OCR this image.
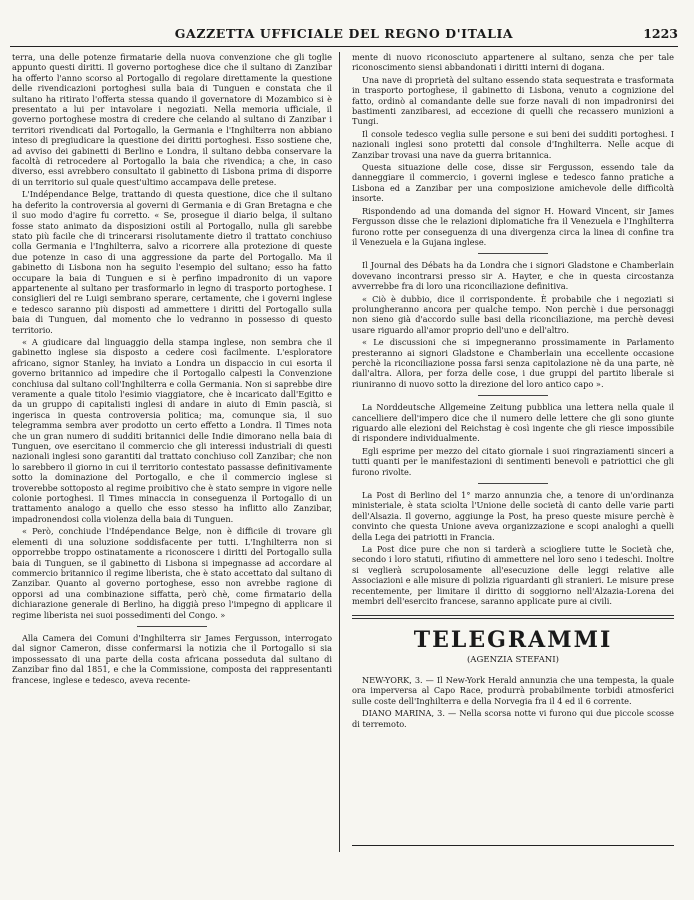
GAZZETTA UFFICIALE DEL REGNO D'ITALIA	1223

terra, una delle potenze firmatarie della nuova convenzione che gli toglie appunto questi diritti. Il governo portoghese dice che il sultano di Zanzibar ha offerto l'anno scorso al Portogallo di regolare direttamente la questione delle rivendicazioni portoghesi sulla baia di Tunguen e constata che il sultano ha ritirato l'offerta stessa quando il governatore di Mozambico si è presentato a lui per intavolare i negoziati. Nella memoria ufficiale, il governo portoghese mostra di credere che celando al sultano di Zanzibar i territori rivendicati dal Portogallo, la Germania e l'Inghilterra non abbiano inteso di pregiudicare la questione dei diritti portoghesi. Esso sostiene che, ad avviso dei gabinetti di Berlino e Londra, il sultano debba conservare la facoltà di retrocedere al Portogallo la baia che rivendica; a che, in caso diverso, essi avrebbero consultato il gabinetto di Lisbona prima di disporre di un territorio sul quale quest'ultimo accampava delle pretese.

L'Indépendance Belge, trattando di questa questione, dice che il sultano ha deferito la controversia al governi di Germania e di Gran Bretagna e che il suo modo d'agire fu corretto. « Se, prosegue il diario belga, il sultano fosse stato animato da disposizioni ostili al Portogallo, nulla gli sarebbe stato più facile che di trincerarsi risolutamente dietro il trattato conchiuso colla Germania e l'Inghilterra, salvo a ricorrere alla protezione di queste due potenze in caso di una aggressione da parte del Portogallo. Ma il gabinetto di Lisbona non ha seguito l'esempio del sultano; esso ha fatto occupare la baia di Tunguen e si è perfino impadronito di un vapore appartenente al sultano per trasformarlo in legno di trasporto portoghese. I consiglieri del re Luigi sembrano sperare, certamente, che i governi inglese e tedesco saranno più disposti ad ammettere i diritti del Portogallo sulla baia di Tunguen, dal momento che lo vedranno in possesso di questo territorio.

« A giudicare dal linguaggio della stampa inglese, non sembra che il gabinetto inglese sia disposto a cedere così facilmente. L'esploratore africano, signor Stanley, ha inviato a Londra un dispaccio in cui esorta il governo britannico ad impedire che il Portogallo calpesti la Convenzione conchiusa dal sultano coll'Inghilterra e colla Germania. Non si saprebbe dire veramente a quale titolo l'esimio viaggiatore, che è incaricato dall'Egitto e da un gruppo di capitalisti inglesi di andare in aiuto di Emin pascià, si ingerisca in questa controversia politica; ma, comunque sia, il suo telegramma sembra aver prodotto un certo effetto a Londra. Il Times nota che un gran numero di sudditi britannici delle Indie dimorano nella baia di Tunguen, ove esercitano il commercio che gli interessi industriali di questi nazionali inglesi sono garantiti dal trattato conchiuso coll Zanzibar; che non lo sarebbero il giorno in cui il territorio contestato passasse definitivamente sotto la dominazione del Portogallo, e che il commercio inglese si troverebbe sottoposto al regime proibitivo che è stato sempre in vigore nelle colonie portoghesi. Il Times minaccia in conseguenza il Portogallo di un trattamento analogo a quello che esso stesso ha inflitto allo Zanzibar, impadronendosi colla violenza della baia di Tunguen.

« Però, conchiude l'Indépendance Belge, non è difficile di trovare gli elementi di una soluzione soddisfacente per tutti. L'Inghilterra non si opporrebbe troppo ostinatamente a riconoscere i diritti del Portogallo sulla baia di Tunguen, se il gabinetto di Lisbona si impegnasse ad accordare al commercio britannico il regime liberista, che è stato accettato dal sultano di Zanzibar. Quanto al governo portoghese, esso non avrebbe ragione di opporsi ad una combinazione siffatta, però chè, come firmatario della dichiarazione generale di Berlino, ha diggià preso l'impegno di applicare il regime liberista nei suoi possedimenti del Congo. »

Alla Camera dei Comuni d'Inghilterra sir James Fergusson, interrogato dal signor Cameron, disse confermarsi la notizia che il Portogallo si sia impossessato di una parte della costa africana posseduta dal sultano di Zanzibar fino dal 1851, e che la Commissione, composta dei rappresentanti francese, inglese e tedesco, aveva recente-

mente di nuovo riconosciuto appartenere al sultano, senza che per tale riconoscimento siensi abbandonati i diritti interni di dogana.

Una nave di proprietà del sultano essendo stata sequestrata e trasformata in trasporto portoghese, il gabinetto di Lisbona, venuto a cognizione del fatto, ordinò al comandante delle sue forze navali di non impadronirsi dei bastimenti zanzibaresi, ad eccezione di quelli che recassero munizioni a Tungi.

Il console tedesco veglia sulle persone e sui beni dei sudditi portoghesi. I nazionali inglesi sono protetti dal console d'Inghilterra. Nelle acque di Zanzibar trovasi una nave da guerra britannica.

Questa situazione delle cose, disse sir Fergusson, essendo tale da danneggiare il commercio, i governi inglese e tedesco fanno pratiche a Lisbona ed a Zanzibar per una composizione amichevole delle difficoltà insorte.

Rispondendo ad una domanda del signor H. Howard Vincent, sir James Fergusson disse che le relazioni diplomatiche fra il Venezuela e l'Inghilterra furono rotte per conseguenza di una divergenza circa la linea di confine tra il Venezuela e la Gujana inglese.

Il Journal des Débats ha da Londra che i signori Gladstone e Chamberlain dovevano incontrarsi presso sir A. Hayter, e che in questa circostanza avverrebbe fra di loro una riconciliazione definitiva.

« Ciò è dubbio, dice il corrispondente. È probabile che i negoziati si prolungheranno ancora per qualche tempo. Non perchè i due personaggi non sieno già d'accordo sulle basi della riconciliazione, ma perchè devesi usare riguardo all'amor proprio dell'uno e dell'altro.

« Le discussioni che si impegneranno prossimamente in Parlamento presteranno ai signori Gladstone e Chamberlain una eccellente occasione perchè la riconciliazione possa farsi senza capitolazione nè da una parte, nè dall'altra. Allora, per forza delle cose, i due gruppi del partito liberale si riuniranno di nuovo sotto la direzione del loro antico capo ».

La Norddeutsche Allgemeine Zeitung pubblica una lettera nella quale il cancelliere dell'impero dice che il numero delle lettere che gli sono giunte riguardo alle elezioni del Reichstag è così ingente che gli riesce impossibile di rispondere individualmente.

Egli esprime per mezzo del citato giornale i suoi ringraziamenti sinceri a tutti quanti per le manifestazioni di sentimenti benevoli e patriottici che gli furono rivolte.

La Post di Berlino del 1° marzo annunzia che, a tenore di un'ordinanza ministeriale, è stata sciolta l'Unione delle società di canto delle varie parti dell'Alsazia. Il governo, aggiunge la Post, ha preso queste misure perchè è convinto che questa Unione aveva organizzazione e scopi analoghi a quelli della Lega dei patriotti in Francia.

La Post dice pure che non si tarderà a sciogliere tutte le Società che, secondo i loro statuti, rifiutino di ammettere nel loro seno i tedeschi. Inoltre si veglierà scrupolosamente all'esecuzione delle leggi relative alle Associazioni e alle misure di polizia riguardanti gli stranieri. Le misure prese recentemente, per limitare il diritto di soggiorno nell'Alzazia-Lorena dei membri dell'esercito francese, saranno applicate pure ai civili.

TELEGRAMMI
(AGENZIA STEFANI)

NEW-YORK, 3. — Il New-York Herald annunzia che una tempesta, la quale ora imperversa al Capo Race, produrrà probabilmente torbidi atmosferici sulle coste dell'Inghilterra e della Norvegia fra il 4 ed il 6 corrente.

DIANO MARINA, 3. — Nella scorsa notte vi furono qui due piccole scosse di terremoto.
